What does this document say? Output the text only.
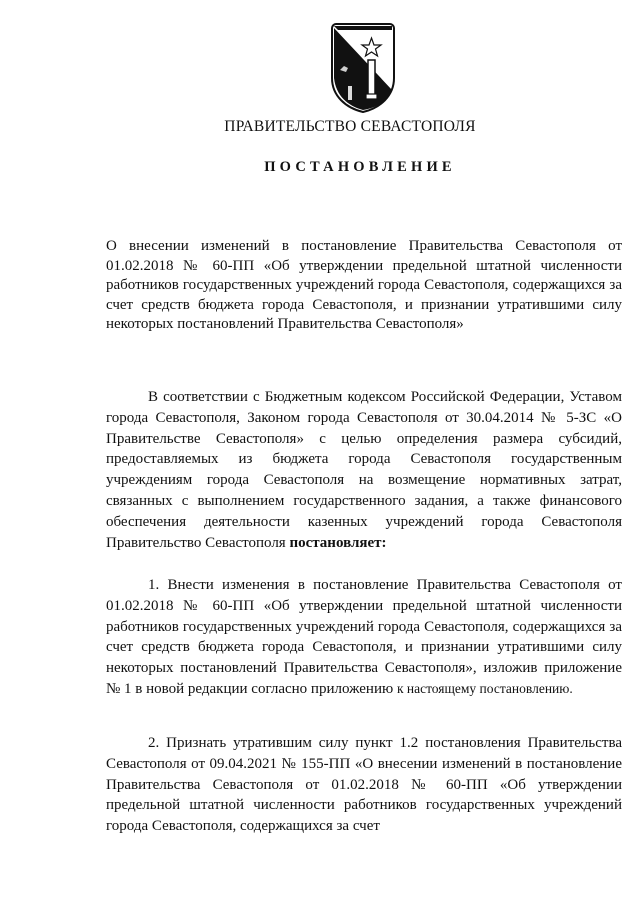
ПРАВИТЕЛЬСТВО СЕВАСТОПОЛЯ
ПОСТАНОВЛЕНИЕ
О внесении изменений в постановление Правительства Севастополя от 01.02.2018 № 60-ПП «Об утверждении предельной штатной численности работников государственных учреждений города Севастополя, содержащихся за счет средств бюджета города Севастополя, и признании утратившими силу некоторых постановлений Правительства Севастополя»
В соответствии с Бюджетным кодексом Российской Федерации, Уставом города Севастополя, Законом города Севастополя от 30.04.2014 № 5-ЗС «О Правительстве Севастополя» с целью определения размера субсидий, предоставляемых из бюджета города Севастополя государственным учреждениям города Севастополя на возмещение нормативных затрат, связанных с выполнением государственного задания, а также финансового обеспечения деятельности казенных учреждений города Севастополя Правительство Севастополя постановляет:
1. Внести изменения в постановление Правительства Севастополя от 01.02.2018 № 60-ПП «Об утверждении предельной штатной численности работников государственных учреждений города Севастополя, содержащихся за счет средств бюджета города Севастополя, и признании утратившими силу некоторых постановлений Правительства Севастополя», изложив приложение № 1 в новой редакции согласно приложению к настоящему постановлению.
2. Признать утратившим силу пункт 1.2 постановления Правительства Севастополя от 09.04.2021 № 155-ПП «О внесении изменений в постановление Правительства Севастополя от 01.02.2018 № 60-ПП «Об утверждении предельной штатной численности работников государственных учреждений города Севастополя, содержащихся за счет
